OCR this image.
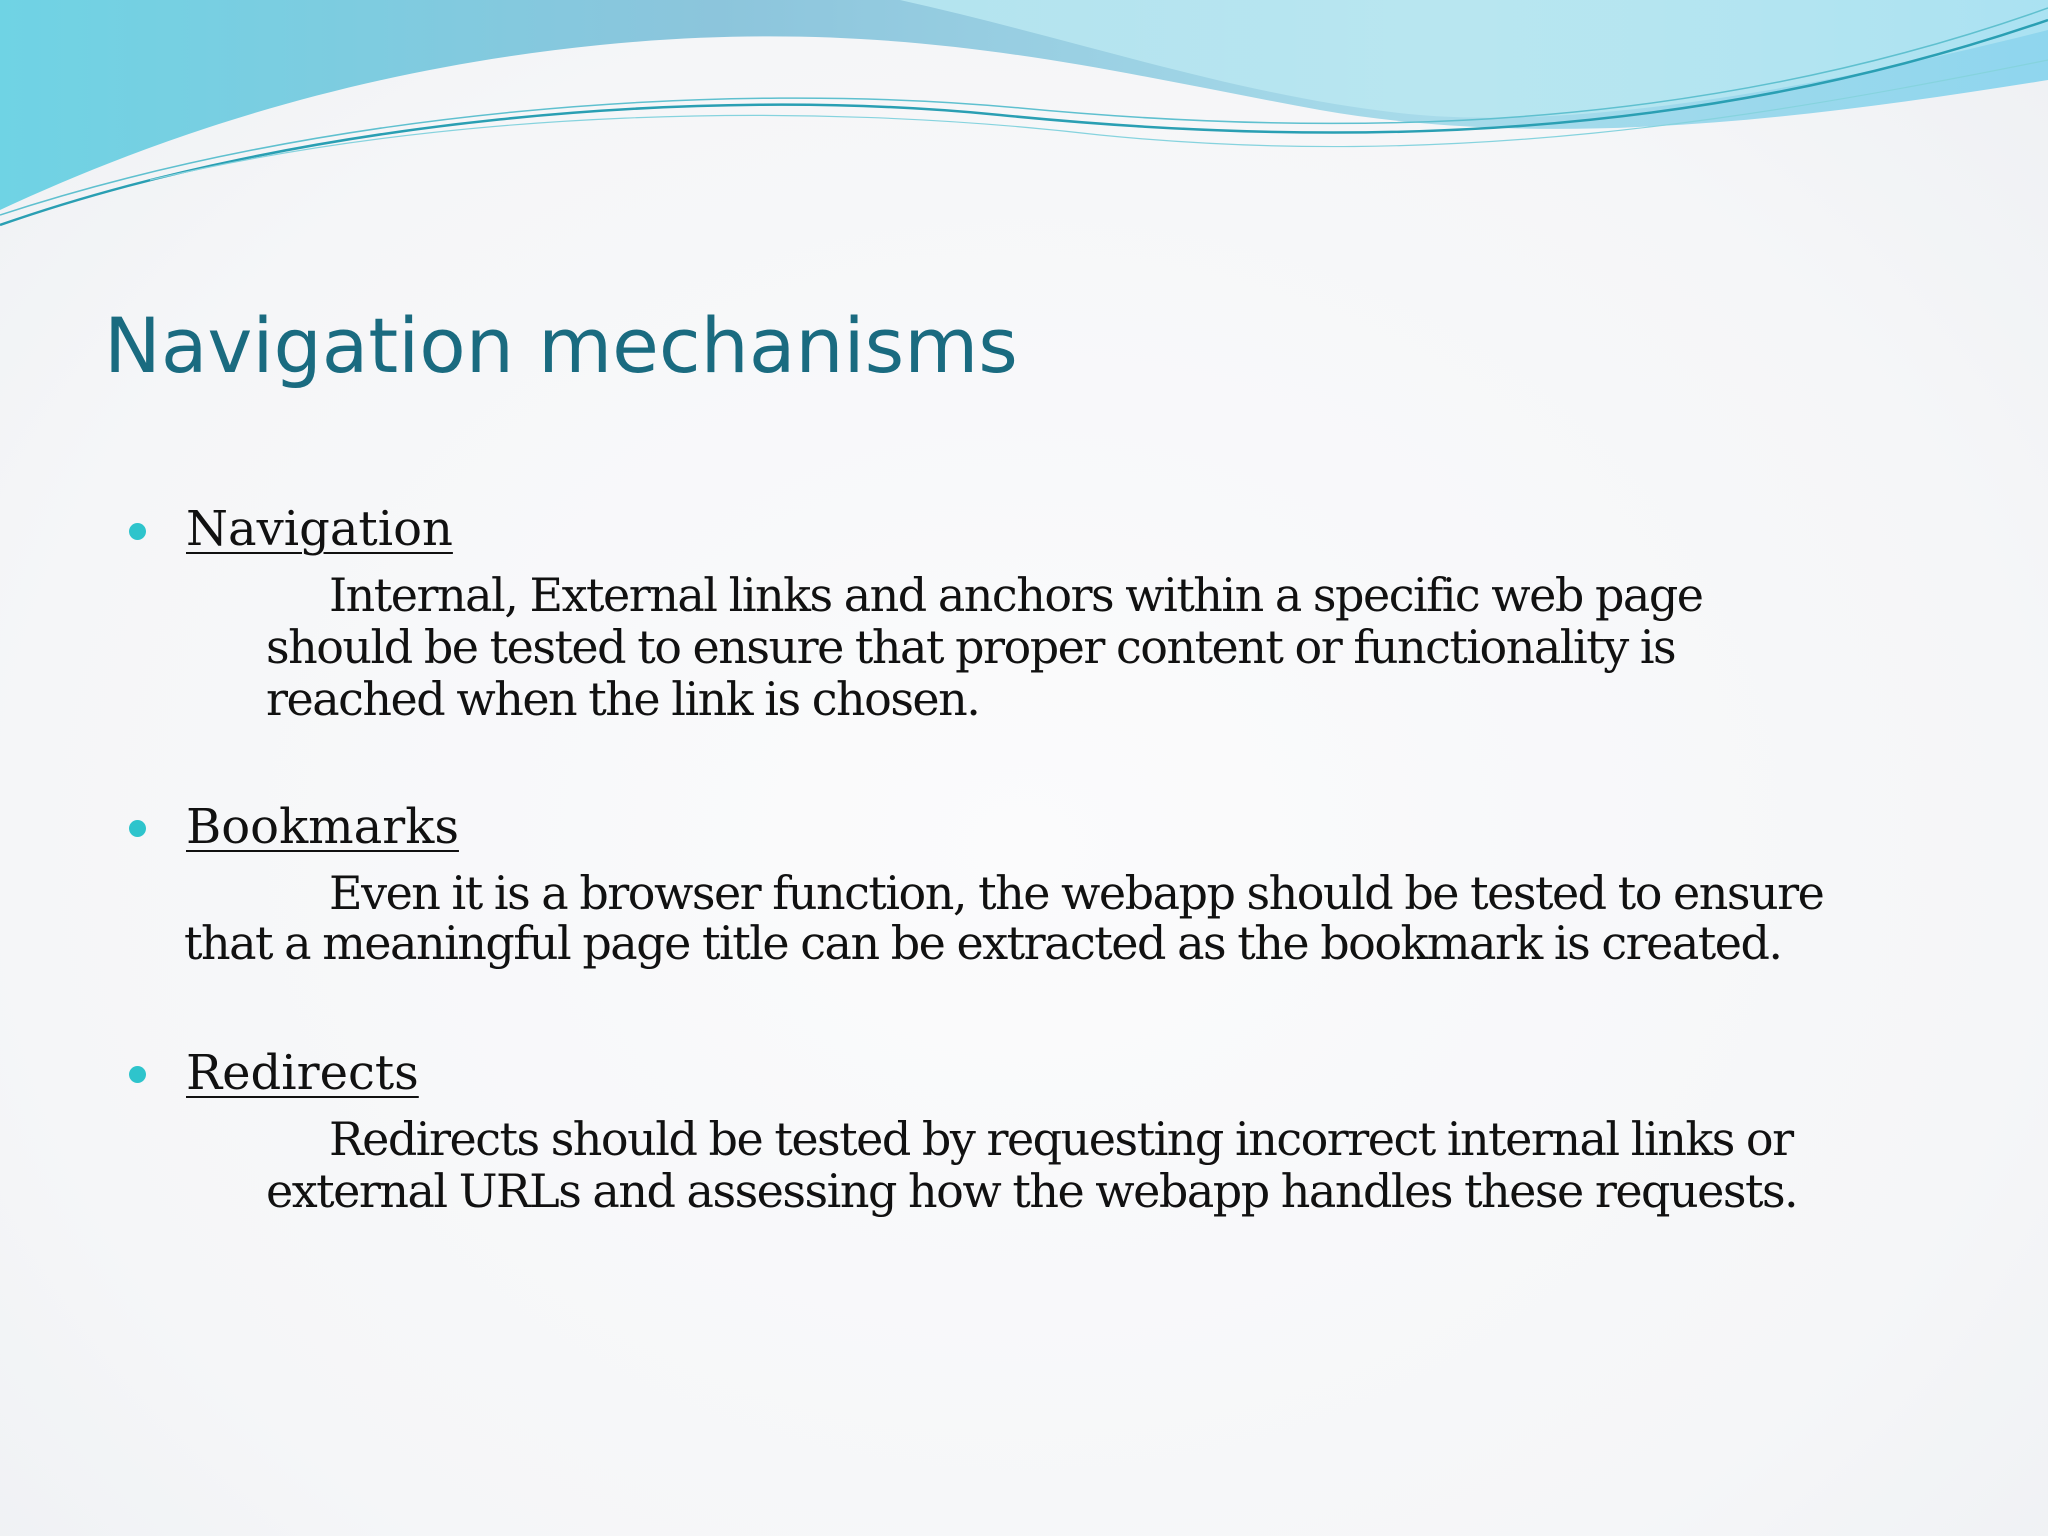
Navigation mechanisms
Navigation
Internal, External links and anchors within a specific web page
should be tested to ensure that proper content or functionality is
reached when the link is chosen.
Bookmarks
Even it is a browser function, the webapp should be tested to ensure
that a meaningful page title can be extracted as the bookmark is created.
Redirects
Redirects should be tested by requesting incorrect internal links or
external URLs and assessing how the webapp handles these requests.
